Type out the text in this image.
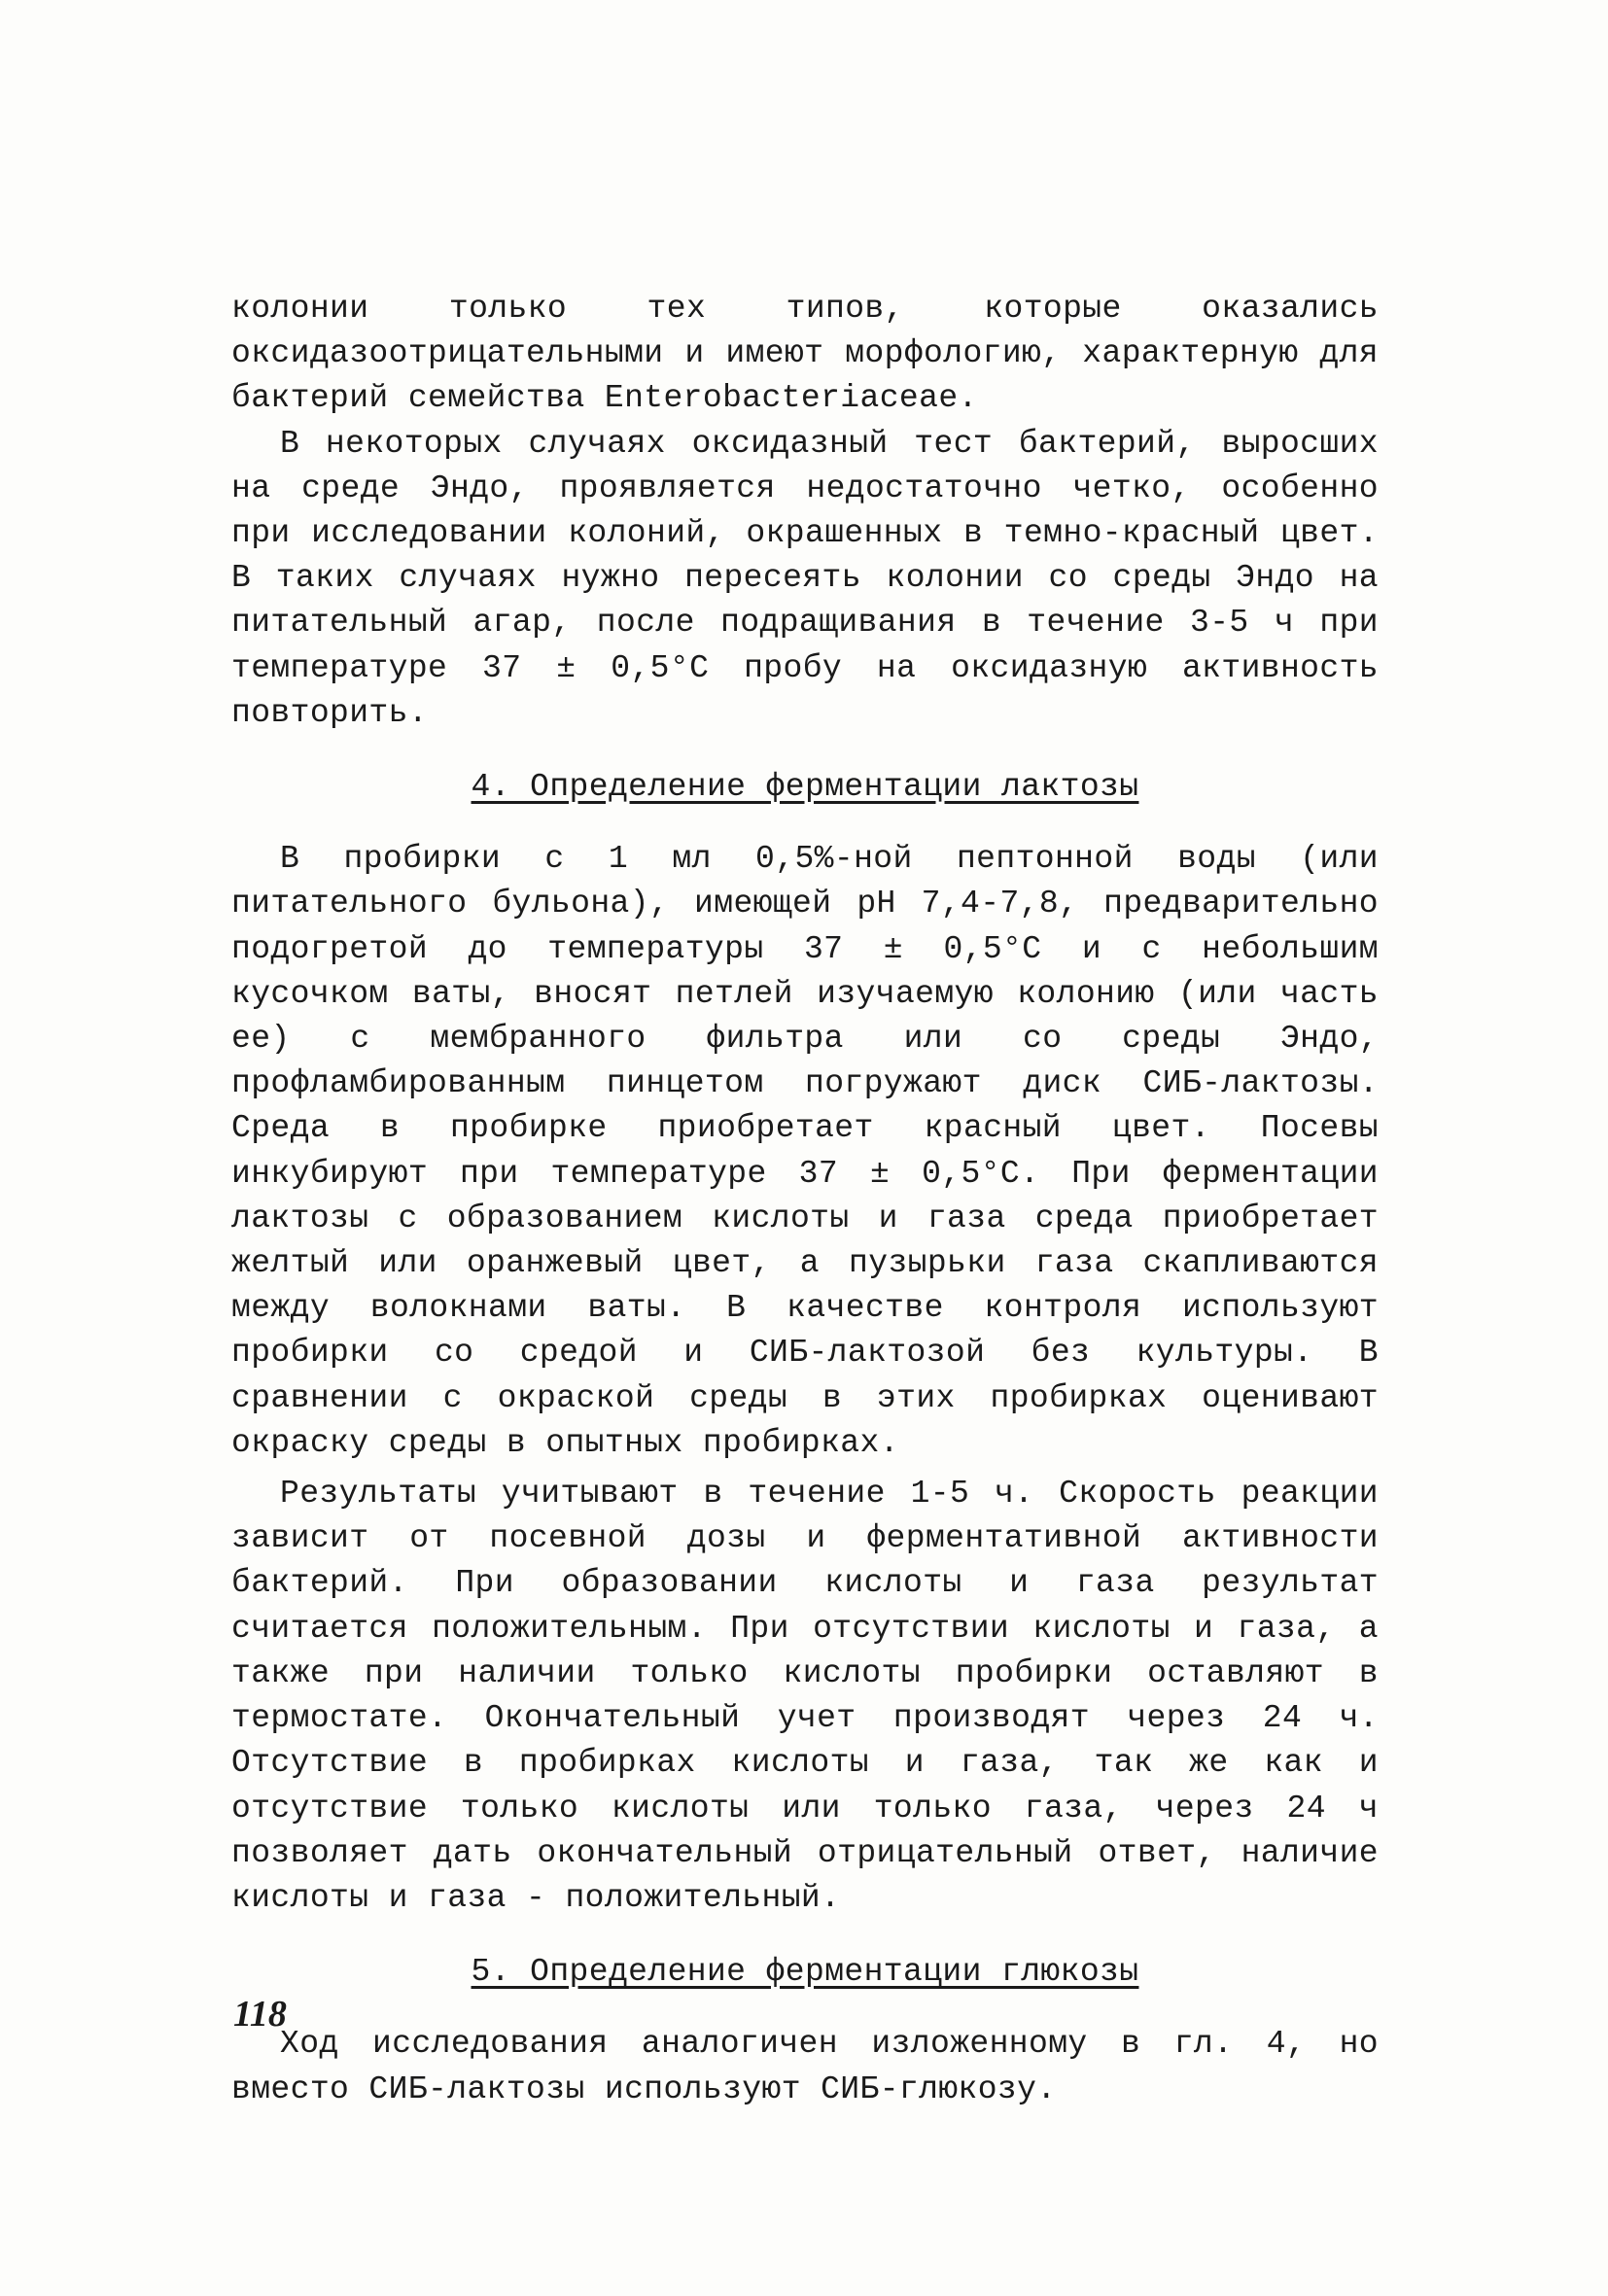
колонии только тех типов, которые оказались оксидазоотрицательными и имеют морфологию, характерную для бактерий семейства Enterobacteriaceae.

В некоторых случаях оксидазный тест бактерий, выросших на среде Эндо, проявляется недостаточно четко, особенно при исследовании колоний, окрашенных в темно-красный цвет. В таких случаях нужно пересеять колонии со среды Эндо на питательный агар, после подращивания в течение 3-5 ч при температуре 37 ± 0,5°С пробу на оксидазную активность повторить.

4. Определение ферментации лактозы

В пробирки с 1 мл 0,5%-ной пептонной воды (или питательного бульона), имеющей рН 7,4-7,8, предварительно подогретой до температуры 37 ± 0,5°С и с небольшим кусочком ваты, вносят петлей изучаемую колонию (или часть ее) с мембранного фильтра или со среды Эндо, профламбированным пинцетом погружают диск СИБ-лактозы. Среда в пробирке приобретает красный цвет. Посевы инкубируют при температуре 37 ± 0,5°С. При ферментации лактозы с образованием кислоты и газа среда приобретает желтый или оранжевый цвет, а пузырьки газа скапливаются между волокнами ваты. В качестве контроля используют пробирки со средой и СИБ-лактозой без культуры. В сравнении с окраской среды в этих пробирках оценивают окраску среды в опытных пробирках.

Результаты учитывают в течение 1-5 ч. Скорость реакции зависит от посевной дозы и ферментативной активности бактерий. При образовании кислоты и газа результат считается положительным. При отсутствии кислоты и газа, а также при наличии только кислоты пробирки оставляют в термостате. Окончательный учет производят через 24 ч. Отсутствие в пробирках кислоты и газа, так же как и отсутствие только кислоты или только газа, через 24 ч позволяет дать окончательный отрицательный ответ, наличие кислоты и газа - положительный.

5. Определение ферментации глюкозы

Ход исследования аналогичен изложенному в гл. 4, но вместо СИБ-лактозы используют СИБ-глюкозу.

118
